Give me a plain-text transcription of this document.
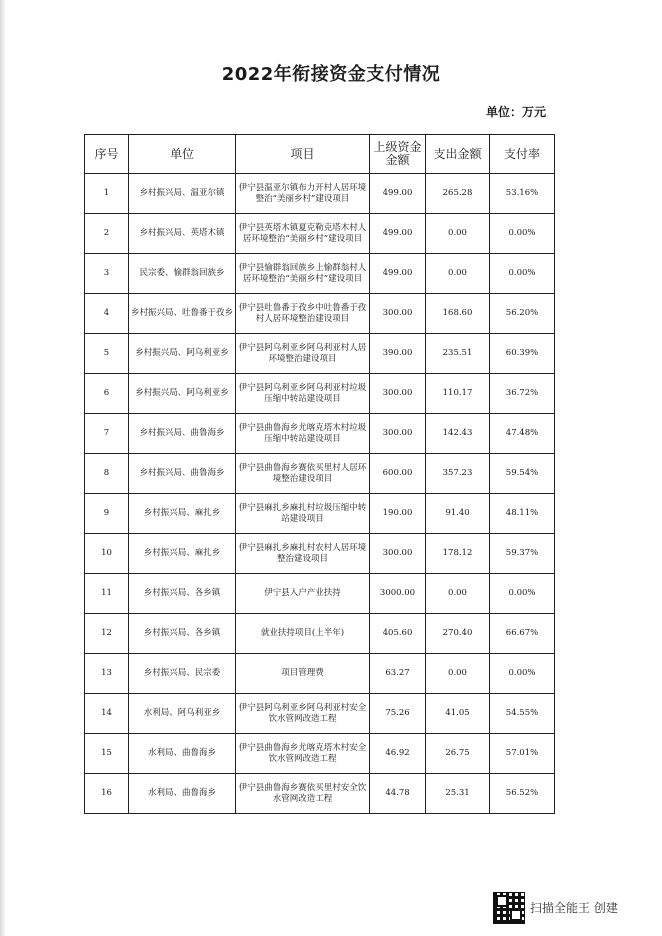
2022年衔接资金支付情况
单位：万元
序号	单位	项目	上级资金金额	支出金额	支付率
1	乡村振兴局、温亚尔镇	伊宁县温亚尔镇布力开村人居环境整治“美丽乡村”建设项目	499.00	265.28	53.16%
2	乡村振兴局、英塔木镇	伊宁县英塔木镇夏克勒克塔木村人居环境整治“美丽乡村”建设项目	499.00	0.00	0.00%
3	民宗委、愉群翁回族乡	伊宁县愉群翁回族乡上愉群翁村人居环境整治“美丽乡村”建设项目	499.00	0.00	0.00%
4	乡村振兴局、吐鲁番于孜乡	伊宁县吐鲁番于孜乡中吐鲁番于孜村人居环境整治建设项目	300.00	168.60	56.20%
5	乡村振兴局、阿乌利亚乡	伊宁县阿乌利亚乡阿乌利亚村人居环境整治建设项目	390.00	235.51	60.39%
6	乡村振兴局、阿乌利亚乡	伊宁县阿乌利亚乡阿乌利亚村垃圾压缩中转站建设项目	300.00	110.17	36.72%
7	乡村振兴局、曲鲁海乡	伊宁县曲鲁海乡尤喀克塔木村垃圾压缩中转站建设项目	300.00	142.43	47.48%
8	乡村振兴局、曲鲁海乡	伊宁县曲鲁海乡赛依买里村人居环境整治建设项目	600.00	357.23	59.54%
9	乡村振兴局、麻扎乡	伊宁县麻扎乡麻扎村垃圾压缩中转站建设项目	190.00	91.40	48.11%
10	乡村振兴局、麻扎乡	伊宁县麻扎乡麻扎村农村人居环境整治建设项目	300.00	178.12	59.37%
11	乡村振兴局、各乡镇	伊宁县入户产业扶持	3000.00	0.00	0.00%
12	乡村振兴局、各乡镇	就业扶持项目(上半年)	405.60	270.40	66.67%
13	乡村振兴局、民宗委	项目管理费	63.27	0.00	0.00%
14	水利局、阿乌利亚乡	伊宁县阿乌利亚乡阿乌利亚村安全饮水管网改造工程	75.26	41.05	54.55%
15	水利局、曲鲁海乡	伊宁县曲鲁海乡尤喀克塔木村安全饮水管网改造工程	46.92	26.75	57.01%
16	水利局、曲鲁海乡	伊宁县曲鲁海乡赛依买里村安全饮水管网改造工程	44.78	25.31	56.52%
扫描全能王 创建
